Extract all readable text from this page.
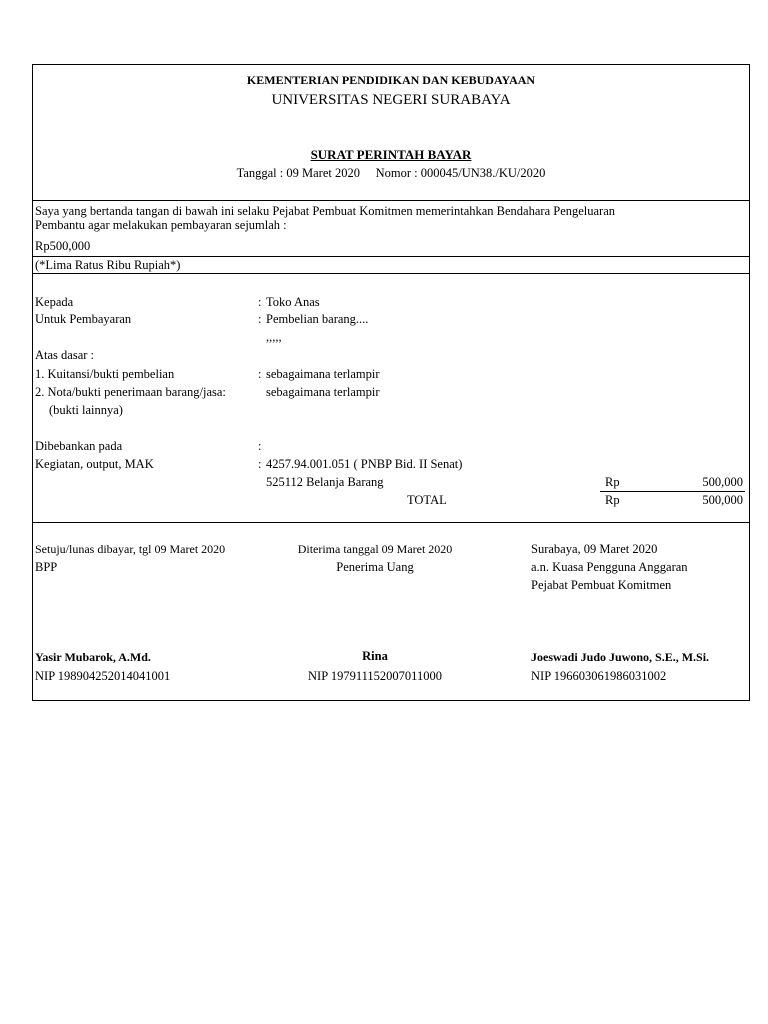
KEMENTERIAN PENDIDIKAN DAN KEBUDAYAAN
UNIVERSITAS NEGERI SURABAYA
SURAT PERINTAH BAYAR
Tanggal : 09 Maret 2020     Nomor : 000045/UN38./KU/2020
Saya yang bertanda tangan di bawah ini selaku Pejabat Pembuat Komitmen memerintahkan Bendahara Pengeluaran
Pembantu agar melakukan pembayaran sejumlah :
Rp500,000
(*Lima Ratus Ribu Rupiah*)
Kepada	: Toko Anas
Untuk Pembayaran	: Pembelian barang....
,,,,,
Atas dasar :
1. Kuitansi/bukti pembelian	: sebagaimana terlampir
2. Nota/bukti penerimaan barang/jasa:	sebagaimana terlampir
(bukti lainnya)
Dibebankan pada	:
Kegiatan, output, MAK	: 4257.94.001.051 ( PNBP Bid. II Senat)
525112 Belanja Barang	Rp	500,000
TOTAL	Rp	500,000
Setuju/lunas dibayar, tgl 09 Maret 2020
BPP
Yasir Mubarok, A.Md.
NIP 198904252014041001
Diterima tanggal 09 Maret 2020
Penerima Uang
Rina
NIP 197911152007011000
Surabaya, 09 Maret 2020
a.n. Kuasa Pengguna Anggaran
Pejabat Pembuat Komitmen
Joeswadi Judo Juwono, S.E., M.Si.
NIP 196603061986031002
